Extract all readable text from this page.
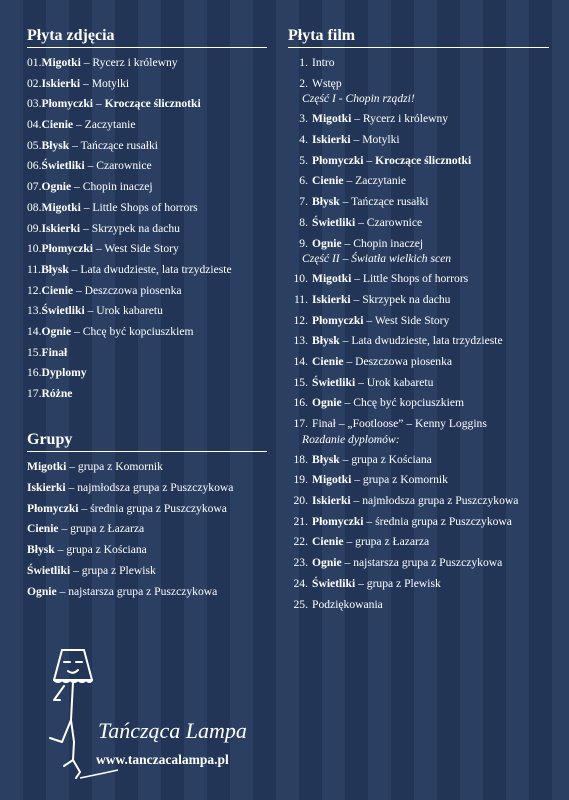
Płyta zdjęcia
01.Migotki – Rycerz i królewny
02.Iskierki – Motylki
03.Płomyczki – Kroczące ślicznotki
04.Cienie – Zaczytanie
05.Błysk – Tańczące rusałki
06.Świetliki – Czarownice
07.Ognie – Chopin inaczej
08.Migotki – Little Shops of horrors
09.Iskierki – Skrzypek na dachu
10.Płomyczki – West Side Story
11.Błysk – Lata dwudzieste, lata trzydzieste
12.Cienie – Deszczowa piosenka
13.Świetliki – Urok kabaretu
14.Ognie – Chcę być kopciuszkiem
15.Finał
16.Dyplomy
17.Różne
Grupy
Migotki – grupa z Komornik
Iskierki – najmłodsza grupa z Puszczykowa
Płomyczki – średnia grupa z Puszczykowa
Cienie – grupa z Łazarza
Błysk – grupa z Kościana
Świetliki – grupa z Plewisk
Ognie – najstarsza grupa z Puszczykowa
Płyta film
1. Intro
2. Wstęp
Część I - Chopin rządzi!
3. Migotki – Rycerz i królewny
4. Iskierki – Motylki
5. Płomyczki – Kroczące ślicznotki
6. Cienie – Zaczytanie
7. Błysk – Tańczące rusałki
8. Świetliki – Czarownice
9. Ognie – Chopin inaczej
Część II – Światła wielkich scen
10. Migotki – Little Shops of horrors
11. Iskierki – Skrzypek na dachu
12. Płomyczki – West Side Story
13. Błysk – Lata dwudzieste, lata trzydzieste
14. Cienie – Deszczowa piosenka
15. Świetliki – Urok kabaretu
16. Ognie – Chcę być kopciuszkiem
17. Finał – „Footloose” – Kenny Loggins
Rozdanie dyplomów:
18. Błysk – grupa z Kościana
19. Migotki – grupa z Komornik
20. Iskierki – najmłodsza grupa z Puszczykowa
21. Płomyczki – średnia grupa z Puszczykowa
22. Cienie – grupa z Łazarza
23. Ognie – najstarsza grupa z Puszczykowa
24. Świetliki – grupa z Plewisk
25. Podziękowania
Tańcząca Lampa
www.tanczacalampa.pl
